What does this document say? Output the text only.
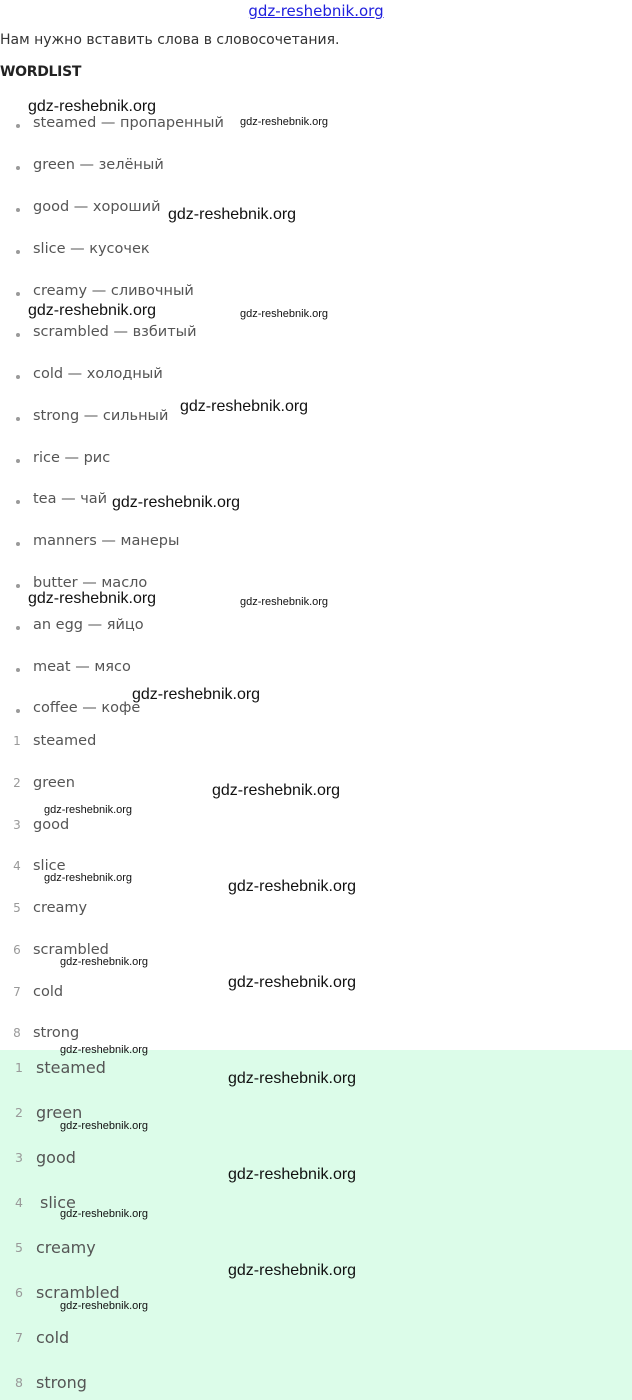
gdz-reshebnik.org
Нам нужно вставить слова в словосочетания.
WORDLIST
steamed — пропаренный
green — зелёный
good — хороший
slice — кусочек
creamy — сливочный
scrambled — взбитый
cold — холодный
strong — сильный
rice — рис
tea — чай
manners — манеры
butter — масло
an egg — яйцо
meat — мясо
coffee — кофе
1 steamed
2 green
3 good
4 slice
5 creamy
6 scrambled
7 cold
8 strong
1 steamed
2 green
3 good
4 slice
5 creamy
6 scrambled
7 cold
8 strong
gdz-reshebnik.org
gdz-reshebnik.org
gdz-reshebnik.org
gdz-reshebnik.org	gdz-reshebnik.org
gdz-reshebnik.org
gdz-reshebnik.org
gdz-reshebnik.org	gdz-reshebnik.org
gdz-reshebnik.org
gdz-reshebnik.org
gdz-reshebnik.org
gdz-reshebnik.org	gdz-reshebnik.org
gdz-reshebnik.org
gdz-reshebnik.org
gdz-reshebnik.org
gdz-reshebnik.org
gdz-reshebnik.org
gdz-reshebnik.org
gdz-reshebnik.org
gdz-reshebnik.org
gdz-reshebnik.org
